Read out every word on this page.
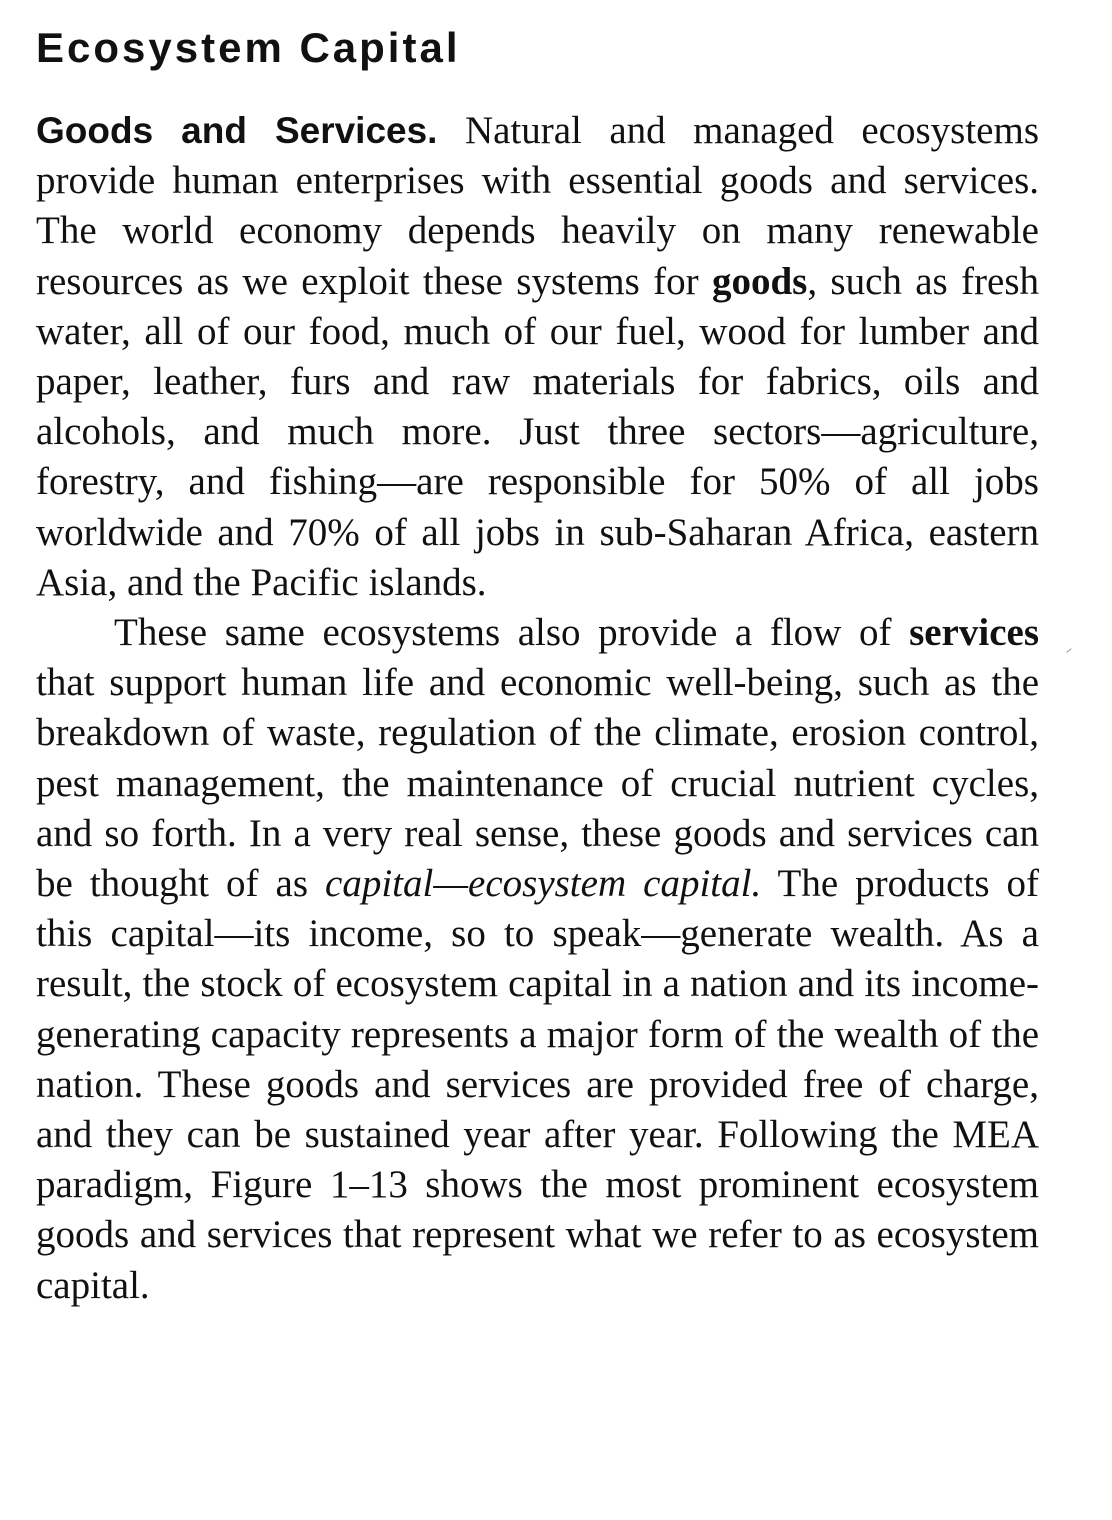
Ecosystem Capital

Goods and Services. Natural and managed ecosystems provide human enterprises with essential goods and services. The world economy depends heavily on many renewable resources as we exploit these systems for goods, such as fresh water, all of our food, much of our fuel, wood for lumber and paper, leather, furs and raw materials for fabrics, oils and alcohols, and much more. Just three sectors—agriculture, forestry, and fishing—are responsible for 50% of all jobs worldwide and 70% of all jobs in sub-Saharan Africa, eastern Asia, and the Pacific islands.

These same ecosystems also provide a flow of services that support human life and economic well-being, such as the breakdown of waste, regulation of the climate, erosion control, pest management, the maintenance of crucial nutrient cycles, and so forth. In a very real sense, these goods and services can be thought of as capital—ecosystem capital. The products of this capital—its income, so to speak—generate wealth. As a result, the stock of ecosystem capital in a nation and its income-generating capacity represents a major form of the wealth of the nation. These goods and services are provided free of charge, and they can be sustained year after year. Following the MEA paradigm, Figure 1–13 shows the most prominent ecosystem goods and services that represent what we refer to as ecosystem capital.
